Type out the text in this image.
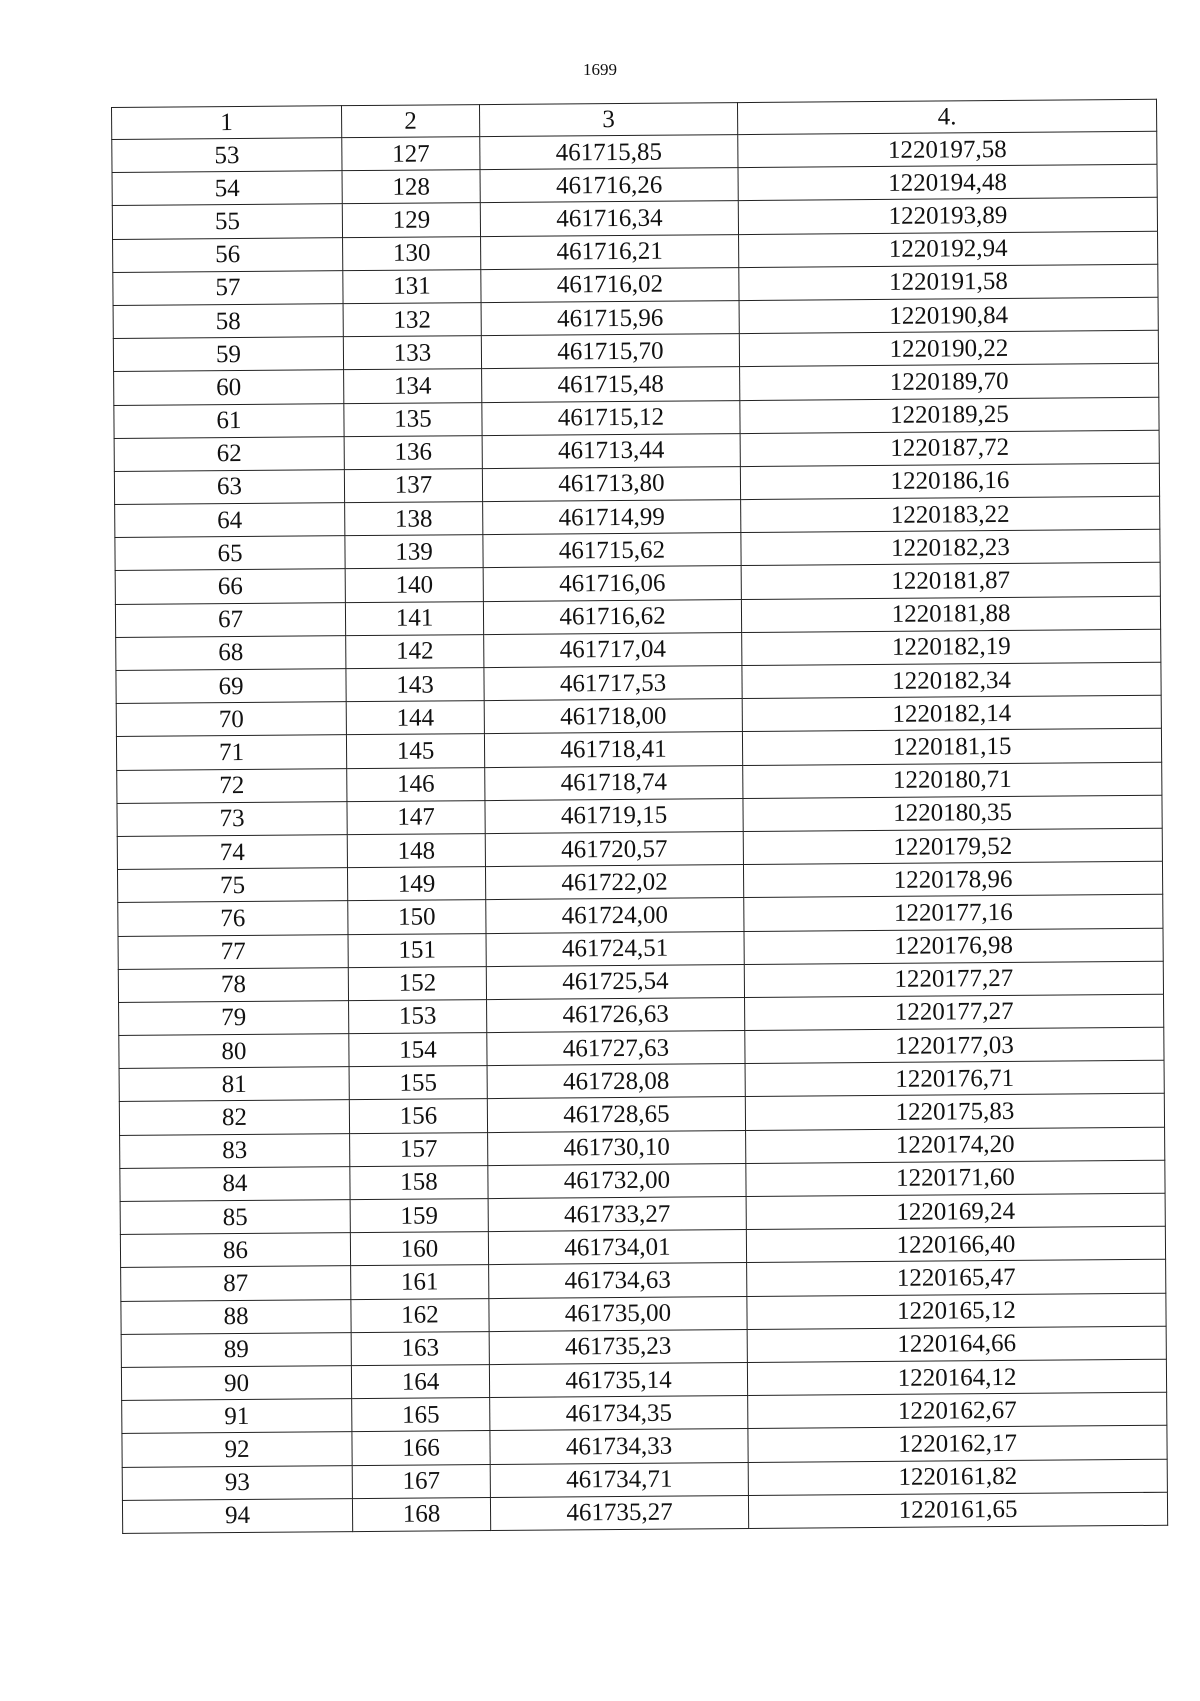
1699
1	2	3	4.
53	127	461715,85	1220197,58
54	128	461716,26	1220194,48
55	129	461716,34	1220193,89
56	130	461716,21	1220192,94
57	131	461716,02	1220191,58
58	132	461715,96	1220190,84
59	133	461715,70	1220190,22
60	134	461715,48	1220189,70
61	135	461715,12	1220189,25
62	136	461713,44	1220187,72
63	137	461713,80	1220186,16
64	138	461714,99	1220183,22
65	139	461715,62	1220182,23
66	140	461716,06	1220181,87
67	141	461716,62	1220181,88
68	142	461717,04	1220182,19
69	143	461717,53	1220182,34
70	144	461718,00	1220182,14
71	145	461718,41	1220181,15
72	146	461718,74	1220180,71
73	147	461719,15	1220180,35
74	148	461720,57	1220179,52
75	149	461722,02	1220178,96
76	150	461724,00	1220177,16
77	151	461724,51	1220176,98
78	152	461725,54	1220177,27
79	153	461726,63	1220177,27
80	154	461727,63	1220177,03
81	155	461728,08	1220176,71
82	156	461728,65	1220175,83
83	157	461730,10	1220174,20
84	158	461732,00	1220171,60
85	159	461733,27	1220169,24
86	160	461734,01	1220166,40
87	161	461734,63	1220165,47
88	162	461735,00	1220165,12
89	163	461735,23	1220164,66
90	164	461735,14	1220164,12
91	165	461734,35	1220162,67
92	166	461734,33	1220162,17
93	167	461734,71	1220161,82
94	168	461735,27	1220161,65
